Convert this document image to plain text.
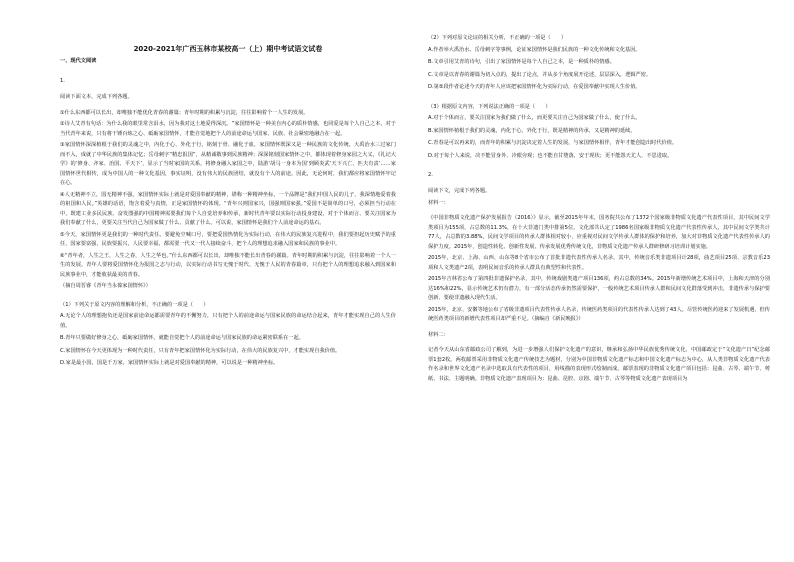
2020-2021年广西玉林市某校高一（上）期中考试语文试卷
一、现代文阅读
1.
阅读下面文本，完成下列各题。
①什么东西都可以长出，却唯独不能优化青春的谢篇；青年时期的积累与沉淀，往往影响着个一人生的发展。
②诗人艾青有句话：为什么我的眼里常含泪水，因为我对这土地爱得深沉。“家国情怀是一种美自内心的质朴情感，也同爱是每个人自己之本，对于当代青年来说，只有将干锤百炼之心、砥砺家国情怀，才能自觉地把个人的前途命运与国家、民族、社会紧密地融合在一起。
③家国情怀深深植根于我们的灵魂之中，内化于心、外化于行，铭刻于骨、融化于血，家国情怀既深又是一种民族的文化传统。大禹治水三过家门而不入，成就了中华民族的集体记忆；岳母刺字“精忠报国”，从精诚敬事到民族精神；深深铭刻国家情怀之中，都体现着修身家园之大义，《礼记大学》的‘修身、齐家、治国、平天下’，显示了当时家国的关系，将修身融入家国之中，陆游‘胡马一身本为国’到顾炎武‘天下兴亡，匹夫有责’……家国情怀世代相传，成为中国人的一种文化基因，事实证明，没有伟大的民族团结，就没有个人的前途。因此，无论何时，我们都应将家国情怀牢记在心。
④人无精神不立，国无精神不强。家国情怀实际上就是对爱国奉献的精神，堪称一种精神坐标，一个品牌是“我们中国人民的儿子，我深情地爱着我的祖国和人民。”英雄的话语，饱含着爱与真情，正是家国情怀的体现。“青年兴则国家兴，国强则国家强。”爱国不是简单的口号，必须担当行动在中，既建工业多民民族、奋发图强的中国精神需要我们每个人自觉培养和传承，新时代青年要以实际行动投身建设，对于个体而言，要关注国家为我们奉献了什么，更要关注当代自己为国家做了什么、贡献了什么。可以说，家国情怀是我们个人前途命运的基石。
⑤今天，家国情怀更是我们的一种时代责任。要避免空喊口号，要把爱国热情化为实际行动，在伟大的民族复兴进程中，我们要担起历史赋予的重任，国家要富强，民族要振兴，人民要幸福，都需要一代又一代人接续奋斗，把个人的理想追求融入国家和民族的事业中。
⑥“青年者，人生之王，人生之春，人生之华也。”什么东西都可以长出，却唯独不能长出青春的谢篇。青年时期的积累与沉淀，往往影响着一个人一生的发展。青年人要将爱国情怀化为报国之志与行动，以实际行动书写无愧于时代、无愧于人民的青春篇章，只有把个人的理想追求融入到国家和民族事业中，才能收获最美的青春。
（摘自周晋睿《青年当永葆家国情怀》）
（1）下列关于原文内容的理解和分析，不正确的一项是（　　）
A.无论个人的理想抱负还是国家前途命运都需要青年的不懈努力，只有把个人的前途命运与国家民族的命运结合起来，青年才能实现自己的人生价值。
B.青年只要做好修身之心，砥砺家国情怀，就能自觉把个人的前途命运与国家民族的命运紧密联系在一起。
C.家国情怀在今天更体现为一种时代责任，只有青年把家国情怀化为实际行动，在伟大的民族复兴中，才能实现自我价值。
D.家是最小国，国是千万家，家国情怀实际上就是对爱国奉献的精神，可以说是一种精神坐标。
（2）下列对原文论证的相关分析，不正确的一项是（　　）
A.作者举大禹治水、岳母刺字等事例，论证家国情怀是我们民族的一种文化传统和文化基因。
B.文章引用艾青的诗句，引出了家国情怀是每个人自己之本，是一种质朴的情感。
C.文章是以青春的谢篇为切入点的，提出了论点，并从多个角度展开论述，层层深入，逻辑严密。
D.第⑤段作者论述今天的青年人应该把家国情怀化为实际行动，在爱国奉献中实现人生价值。
（3）根据原文内容，下列说法正确的一项是（　　）
A.对于个体而言，要关注国家为我们做了什么，而更要关注自己为国家做了什么，使了什么。
B.家国情怀植根于我们的灵魂，内化于心，外化于行，既是精神的传承，又是精神的延续。
C.青春是可以再来的，而青年的积累与沉淀决定着人生的发展，与家国情怀相伴，青年才能创造出时代价值。
D.对于每个人来说，决不能冒身外、冷眼旁观；也不能自甘堕落，安于现状；更不能怨天尤人、不思进取。
2.
阅读下文，完成下列各题。
材料一：
《中国非物质文化遗产保护发展报告（2016）》显示，截至2015年年末，国务院共公布了1372个国家级非物质文化遗产代表性项目，其中民间文学类项目为155项，占总数的11.3%，在十大非遗门类中排第5位。文化部共认定了1986名国家级非物质文化遗产代表性传承人，其中民间文学类共计77人，占总数的3.88%。民间文学项目的传承人群体相对较小，应重视对民间文学传承人群体的保护和培养，加大对非物质文化遗产代表性传承人的保护力度。2015年，创造性转化、创新性发展、传承发展优秀传统文化，非物质文化遗产传承人群研修研习培训计划实施。
2015年，北京、上海、山西、山东等8个省市公布了首批非遗代表性传承人名录，其中，传统音乐类非遗项目计28项，曲艺项目25项、宗教音乐23项和人文类遗产2项，表明民间音乐的传承人群具有典型性和代表性。
2015年吉林省公布了第四批非遗保护名录，其中，传统戏剧类遗产项目136项，约占总数的34%。2015年新增传统艺术项目中，上海和天津的分别达16%和22%，显示传统艺术仍有潜力，有一部分活态传承仍然需要保护，一般传统艺术项目传承人群和民间文化群落受到冲击，非遗传承与保护要创新、要使非遗融入现代生活。
2015年，北京、安徽等地公布了省级非遗项目代表性传承人名录，传统医药类项目的代表性传承人达到了43人。尽管传统医药迎来了发展机遇，但传统医药类项目的新增代表性项目却严重不足。（摘编自《新民晚报》）
材料二：
记者今天从山东省邮政公司了解到，为进一步增强人们保护文化遗产的意识，继承和弘扬中华民族优秀传统文化，中国邮政定于“文化遗产日”纪念邮票1套2枚。两枚邮票采用非物质文化遗产传统技艺为题材，分别为中国非物质文化遗产标志和中国文化遗产标志为中心，从人类非物质文化遗产代表作名录和世界文化遗产名录中选取具有代表性的项目，用线描的表现形式绘制而成。邮票表现的非物质文化遗产项目包括：昆曲、古琴、端午节、剪纸、书法、主题明确。非物质文化遗产表现项目为：昆曲、昆腔、京剧、端午节、古琴等物质文化遗产表现项目为
